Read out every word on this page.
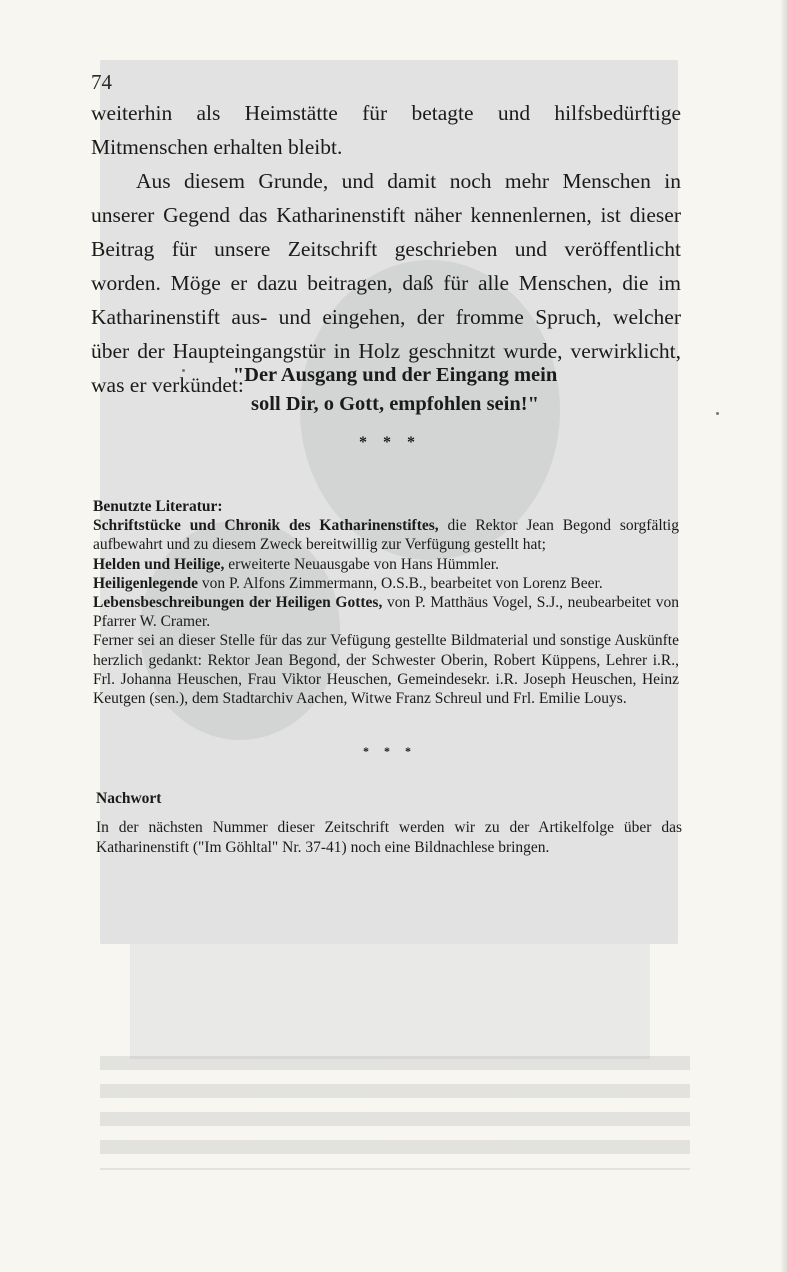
74

weiterhin als Heimstätte für betagte und hilfsbedürftige Mitmenschen erhalten bleibt.

Aus diesem Grunde, und damit noch mehr Menschen in unserer Gegend das Katharinenstift näher kennenlernen, ist dieser Beitrag für unsere Zeitschrift geschrieben und veröffentlicht worden. Möge er dazu beitragen, daß für alle Menschen, die im Katharinenstift aus- und eingehen, der fromme Spruch, welcher über der Haupteingangstür in Holz geschnitzt wurde, verwirklicht, was er verkündet:

"Der Ausgang und der Eingang mein
soll Dir, o Gott, empfohlen sein!"
* * *
Benutzte Literatur:
Schriftstücke und Chronik des Katharinenstiftes, die Rektor Jean Begond sorgfältig aufbewahrt und zu diesem Zweck bereitwillig zur Verfügung gestellt hat;
Helden und Heilige, erweiterte Neuausgabe von Hans Hümmler.
Heiligenlegende von P. Alfons Zimmermann, O.S.B., bearbeitet von Lorenz Beer.
Lebensbeschreibungen der Heiligen Gottes, von P. Matthäus Vogel, S.J., neubearbeitet von Pfarrer W. Cramer.
Ferner sei an dieser Stelle für das zur Vefügung gestellte Bildmaterial und sonstige Auskünfte herzlich gedankt: Rektor Jean Begond, der Schwester Oberin, Robert Küppens, Lehrer i.R., Frl. Johanna Heuschen, Frau Viktor Heuschen, Gemeindesekr. i.R. Joseph Heuschen, Heinz Keutgen (sen.), dem Stadtarchiv Aachen, Witwe Franz Schreul und Frl. Emilie Louys.
* * *
Nachwort
In der nächsten Nummer dieser Zeitschrift werden wir zu der Artikelfolge über das Katharinenstift ("Im Göhltal" Nr. 37-41) noch eine Bildnachlese bringen.
